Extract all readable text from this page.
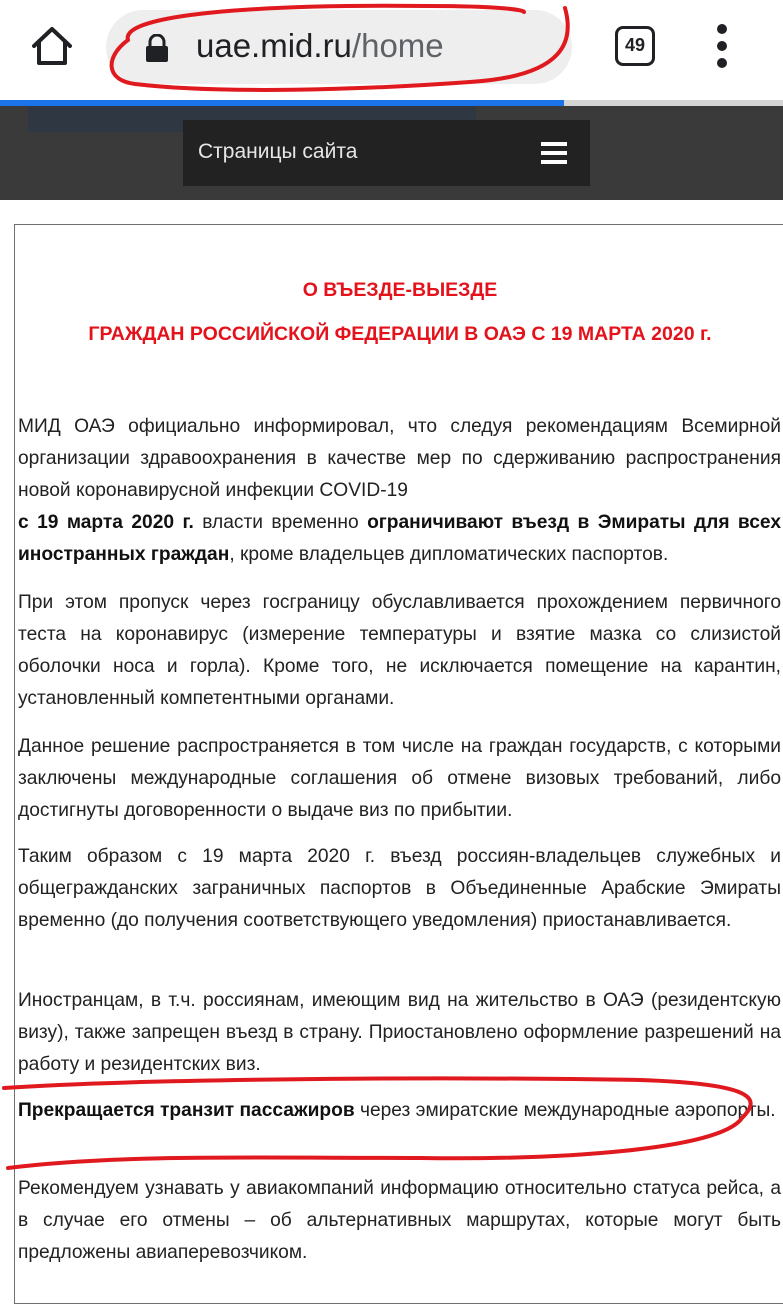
uae.mid.ru/home	49
Страницы сайта
О ВЪЕЗДЕ-ВЫЕЗДЕ
ГРАЖДАН РОССИЙСКОЙ ФЕДЕРАЦИИ В ОАЭ С 19 МАРТА 2020 г.
МИД ОАЭ официально информировал, что следуя рекомендациям Всемирной организации здравоохранения в качестве мер по сдерживанию распространения новой коронавирусной инфекции COVID-19
с 19 марта 2020 г. власти временно ограничивают въезд в Эмираты для всех иностранных граждан, кроме владельцев дипломатических паспортов.
При этом пропуск через госграницу обуславливается прохождением первичного теста на коронавирус (измерение температуры и взятие мазка со слизистой оболочки носа и горла). Кроме того, не исключается помещение на карантин, установленный компетентными органами.
Данное решение распространяется в том числе на граждан государств, с которыми заключены международные соглашения об отмене визовых требований, либо достигнуты договоренности о выдаче виз по прибытии.
Таким образом с 19 марта 2020 г. въезд россиян-владельцев служебных и общегражданских заграничных паспортов в Объединенные Арабские Эмираты временно (до получения соответствующего уведомления) приостанавливается.
Иностранцам, в т.ч. россиянам, имеющим вид на жительство в ОАЭ (резидентскую визу), также запрещен въезд в страну. Приостановлено оформление разрешений на работу и резидентских виз.
Прекращается транзит пассажиров через эмиратские международные аэропорты.
Рекомендуем узнавать у авиакомпаний информацию относительно статуса рейса, а в случае его отмены – об альтернативных маршрутах, которые могут быть предложены авиаперевозчиком.
